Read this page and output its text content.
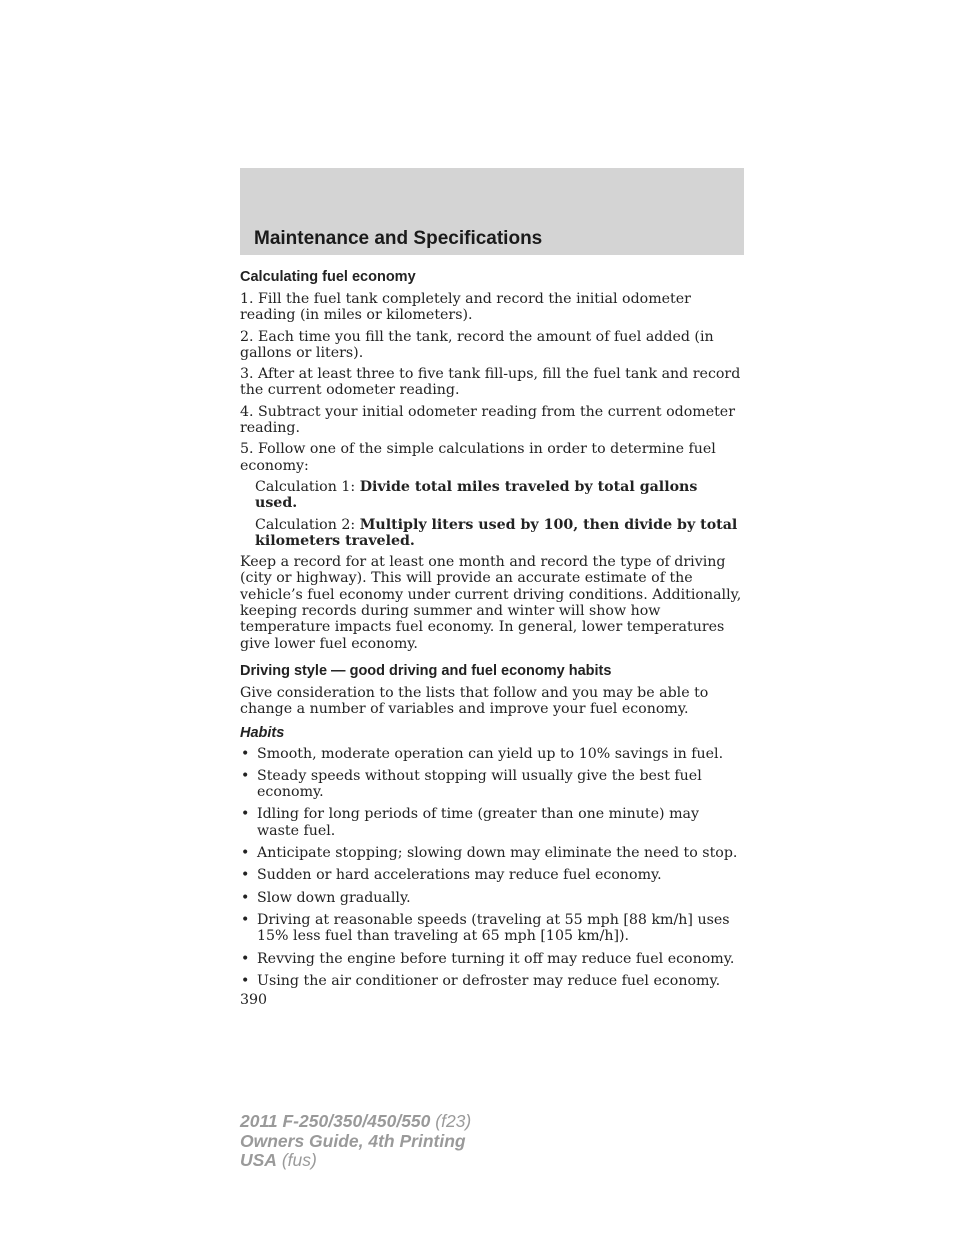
Maintenance and Specifications
Calculating fuel economy

1. Fill the fuel tank completely and record the initial odometer reading (in miles or kilometers).

2. Each time you fill the tank, record the amount of fuel added (in gallons or liters).

3. After at least three to five tank fill-ups, fill the fuel tank and record the current odometer reading.

4. Subtract your initial odometer reading from the current odometer reading.

5. Follow one of the simple calculations in order to determine fuel economy:

Calculation 1: Divide total miles traveled by total gallons used.

Calculation 2: Multiply liters used by 100, then divide by total kilometers traveled.

Keep a record for at least one month and record the type of driving (city or highway). This will provide an accurate estimate of the vehicle’s fuel economy under current driving conditions. Additionally, keeping records during summer and winter will show how temperature impacts fuel economy. In general, lower temperatures give lower fuel economy.

Driving style — good driving and fuel economy habits

Give consideration to the lists that follow and you may be able to change a number of variables and improve your fuel economy.

Habits
• Smooth, moderate operation can yield up to 10% savings in fuel.
• Steady speeds without stopping will usually give the best fuel economy.
• Idling for long periods of time (greater than one minute) may waste fuel.
• Anticipate stopping; slowing down may eliminate the need to stop.
• Sudden or hard accelerations may reduce fuel economy.
• Slow down gradually.
• Driving at reasonable speeds (traveling at 55 mph [88 km/h] uses 15% less fuel than traveling at 65 mph [105 km/h]).
• Revving the engine before turning it off may reduce fuel economy.
• Using the air conditioner or defroster may reduce fuel economy.
390
2011 F-250/350/450/550 (f23)
Owners Guide, 4th Printing
USA (fus)
